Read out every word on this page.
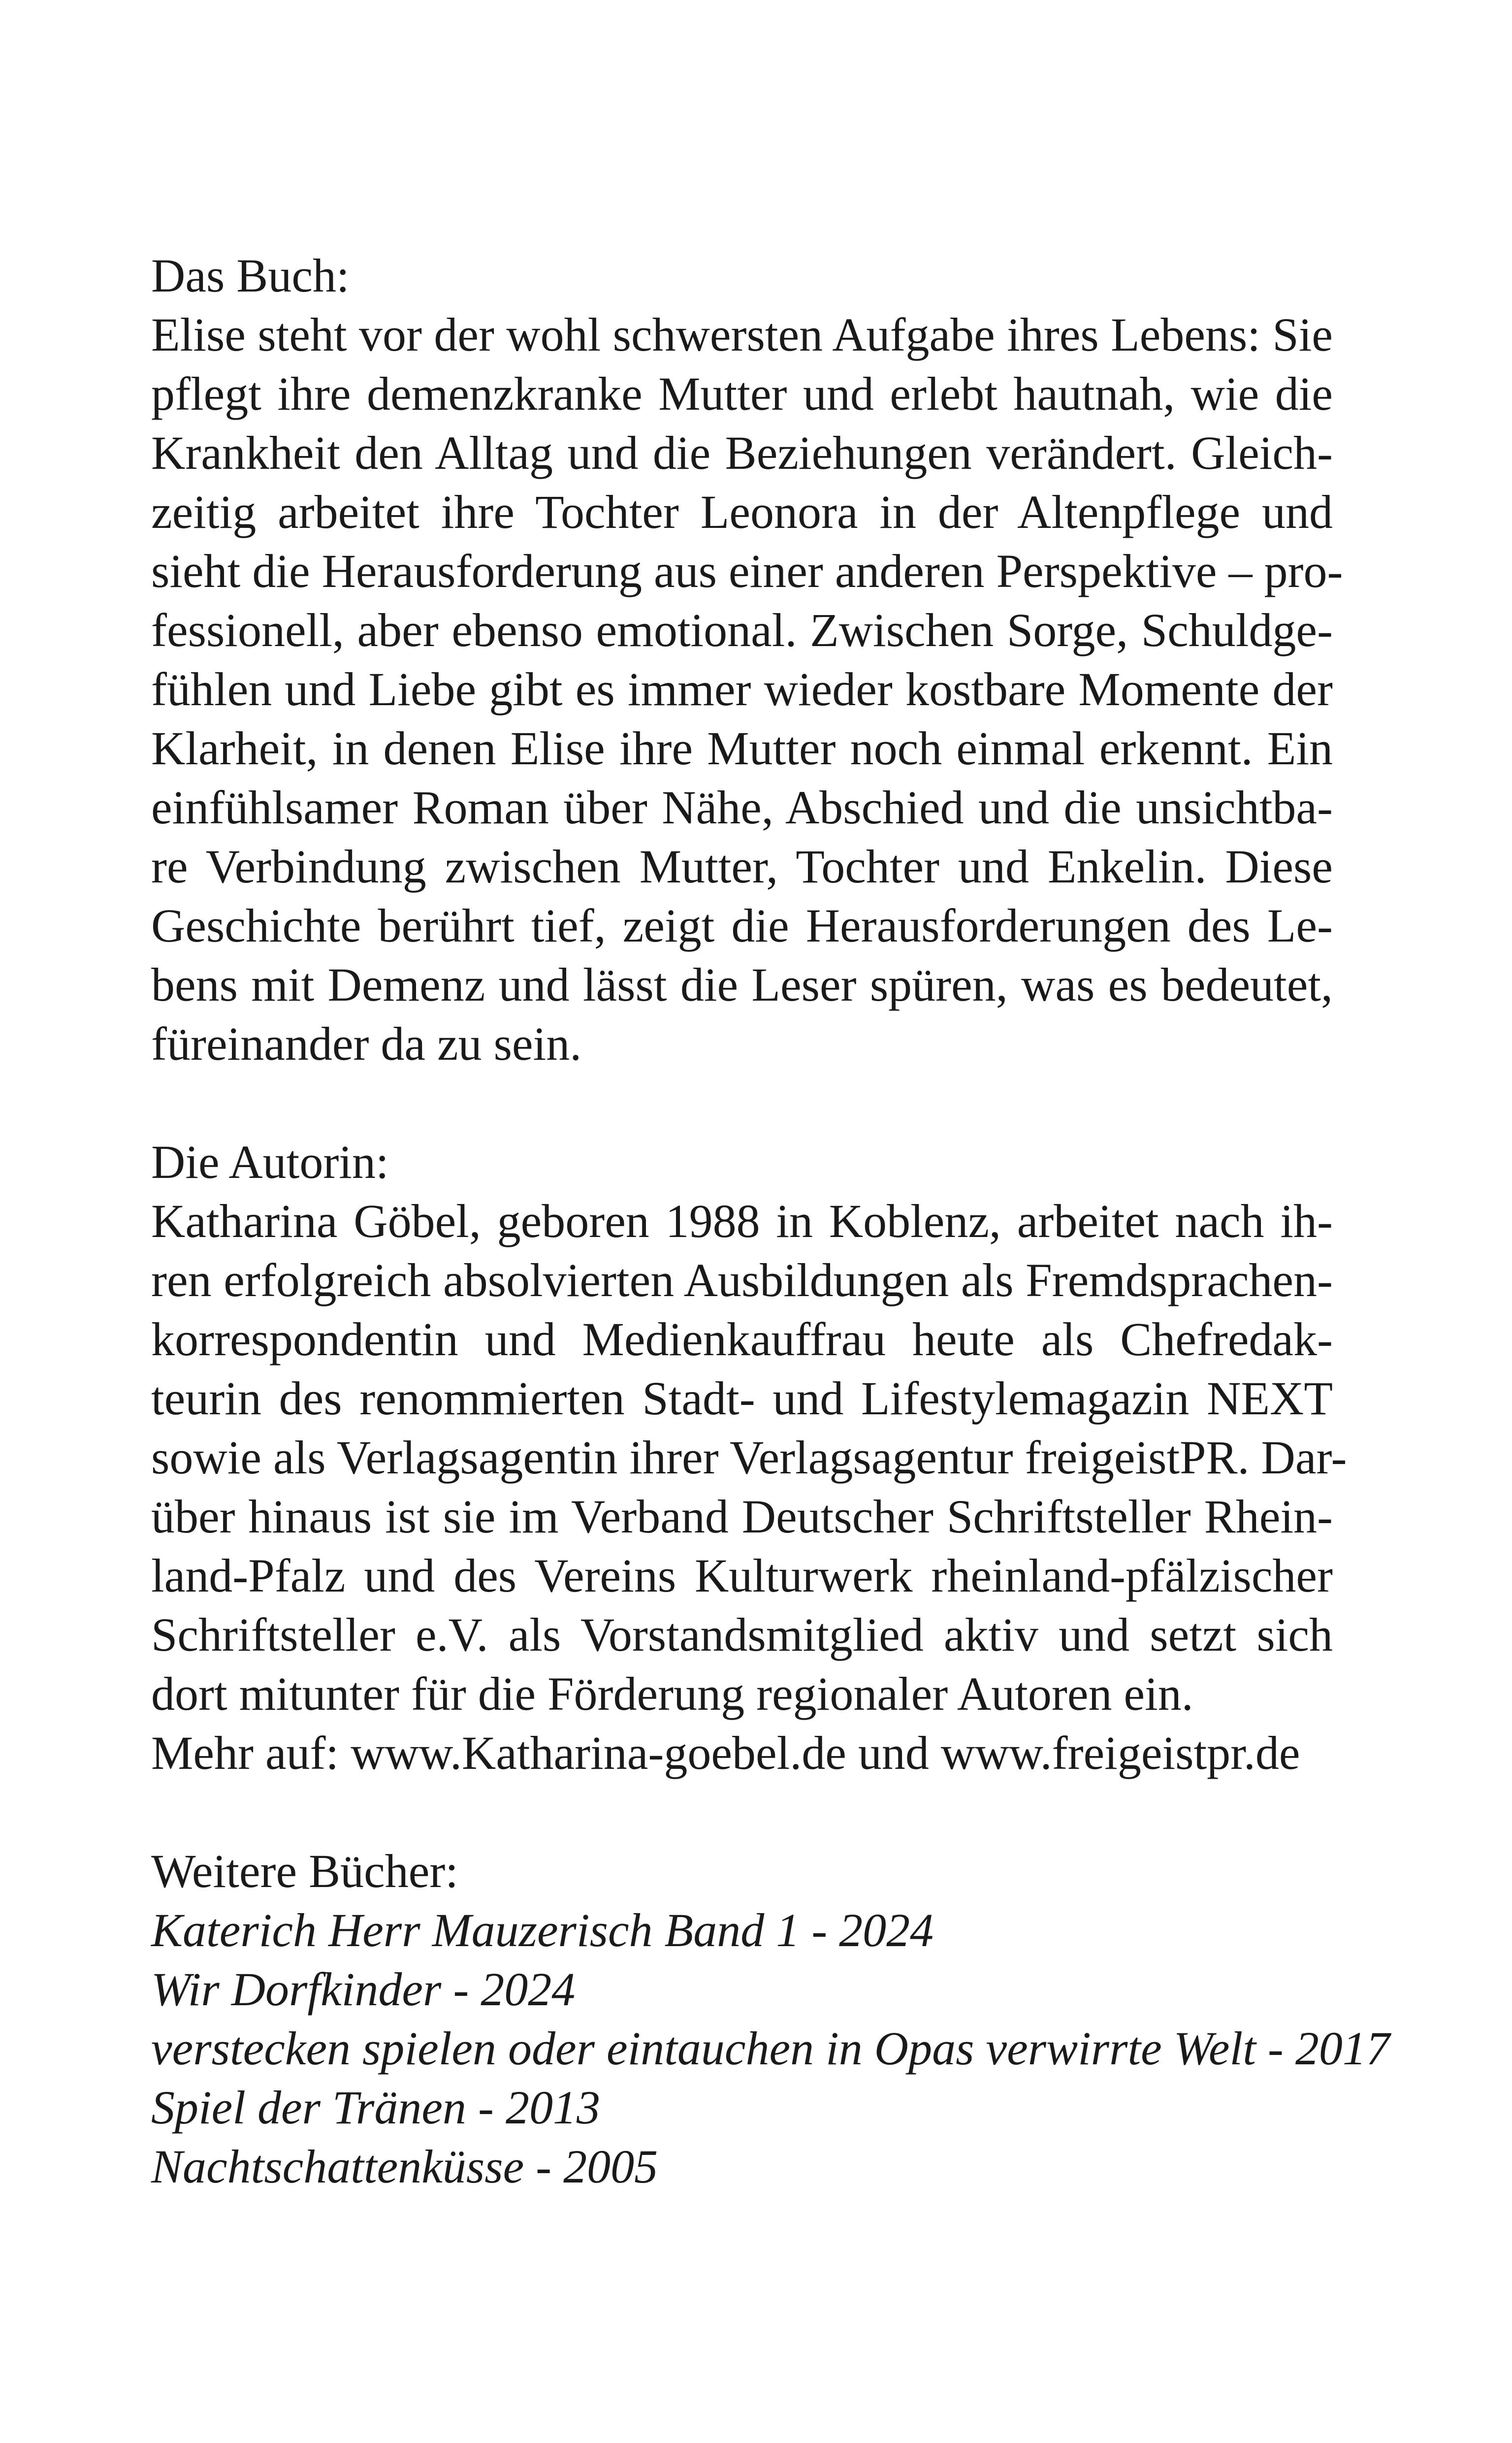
Das Buch:
Elise steht vor der wohl schwersten Aufgabe ihres Lebens: Sie
pflegt ihre demenzkranke Mutter und erlebt hautnah, wie die
Krankheit den Alltag und die Beziehungen verändert. Gleich-
zeitig arbeitet ihre Tochter Leonora in der Altenpflege und
sieht die Herausforderung aus einer anderen Perspektive – pro-
fessionell, aber ebenso emotional. Zwischen Sorge, Schuldge-
fühlen und Liebe gibt es immer wieder kostbare Momente der
Klarheit, in denen Elise ihre Mutter noch einmal erkennt. Ein
einfühlsamer Roman über Nähe, Abschied und die unsichtba-
re Verbindung zwischen Mutter, Tochter und Enkelin. Diese
Geschichte berührt tief, zeigt die Herausforderungen des Le-
bens mit Demenz und lässt die Leser spüren, was es bedeutet,
füreinander da zu sein.
Die Autorin:
Katharina Göbel, geboren 1988 in Koblenz, arbeitet nach ih-
ren erfolgreich absolvierten Ausbildungen als Fremdsprachen-
korrespondentin und Medienkauffrau heute als Chefredak-
teurin des renommierten Stadt- und Lifestylemagazin NEXT
sowie als Verlagsagentin ihrer Verlagsagentur freigeistPR. Dar-
über hinaus ist sie im Verband Deutscher Schriftsteller Rhein-
land-Pfalz und des Vereins Kulturwerk rheinland-pfälzischer
Schriftsteller e.V. als Vorstandsmitglied aktiv und setzt sich
dort mitunter für die Förderung regionaler Autoren ein.
Mehr auf: www.Katharina-goebel.de und www.freigeistpr.de
Weitere Bücher:
Katerich Herr Mauzerisch Band 1 - 2024
Wir Dorfkinder - 2024
verstecken spielen oder eintauchen in Opas verwirrte Welt - 2017
Spiel der Tränen - 2013
Nachtschattenküsse - 2005
